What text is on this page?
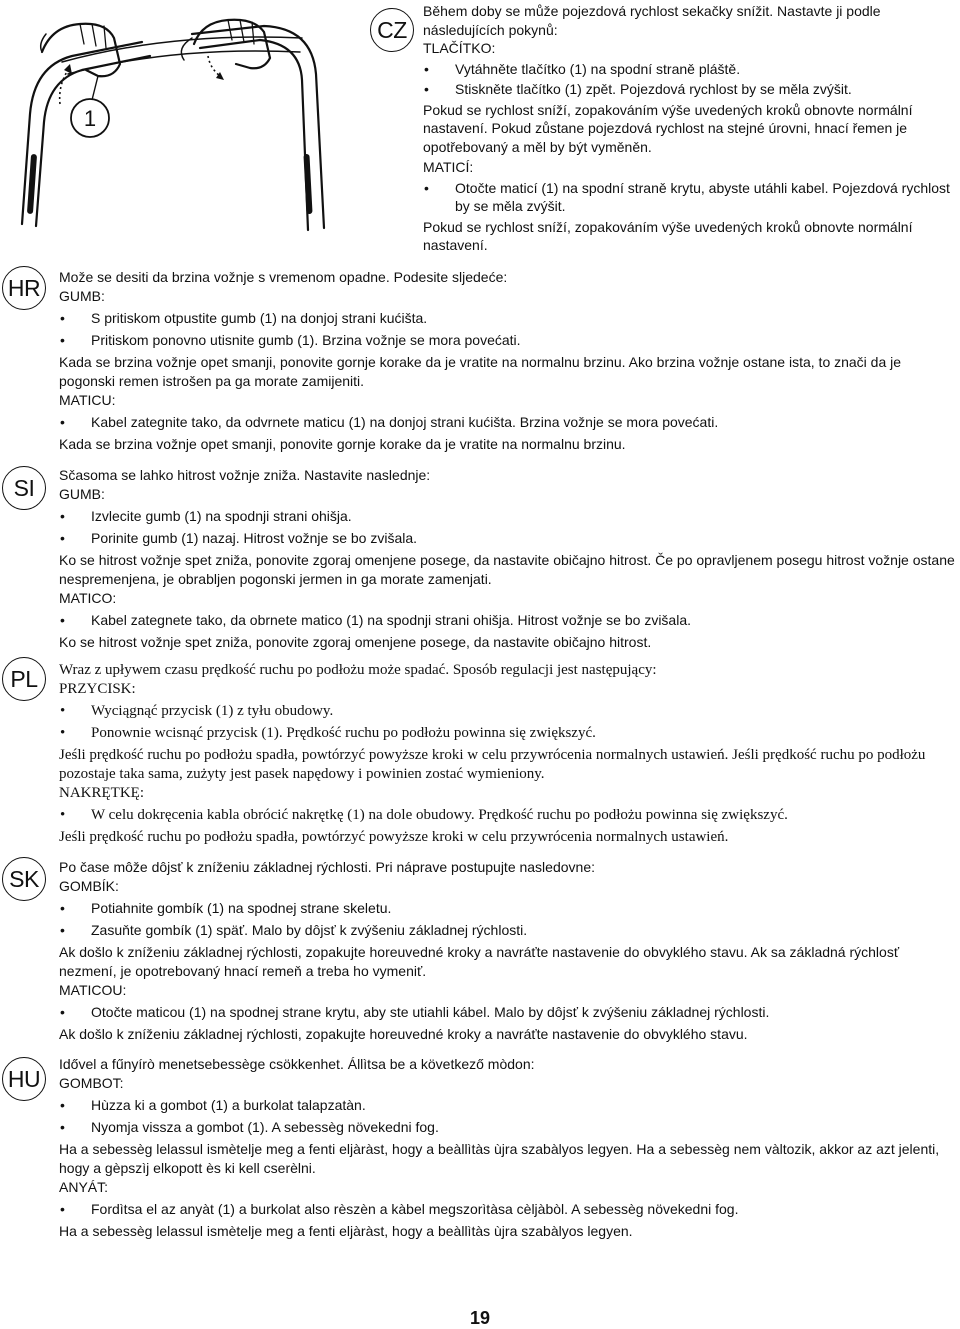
1
CZ

Během doby se může pojezdová rychlost sekačky snížit. Nastavte ji podle následujících pokynů:

TLAČÍTKO:

• Vytáhněte tlačítko (1) na spodní straně pláště.

• Stiskněte tlačítko (1) zpět. Pojezdová rychlost by se měla zvýšit.

Pokud se rychlost sníží, zopakováním výše uvedených kroků obnovte normální nastavení. Pokud zůstane pojezdová rychlost na stejné úrovni, hnací řemen je opotřebovaný a měl by být vyměněn.

MATICÍ:

• Otočte maticí (1) na spodní straně krytu, abyste utáhli kabel. Pojezdová rychlost by se měla zvýšit.

Pokud se rychlost sníží, zopakováním výše uvedených kroků obnovte normální nastavení.

HR Može se desiti da brzina vožnje s vremenom opadne. Podesite sljedeće:

GUMB:

• S pritiskom otpustite gumb (1) na donjoj strani kućišta.

• Pritiskom ponovno utisnite gumb (1). Brzina vožnje se mora povećati.

Kada se brzina vožnje opet smanji, ponovite gornje korake da je vratite na normalnu brzinu. Ako brzina vožnje ostane ista, to znači da je pogonski remen istrošen pa ga morate zamijeniti.

MATICU:

• Kabel zategnite tako, da odvrnete maticu (1) na donjoj strani kućišta. Brzina vožnje se mora povećati.

Kada se brzina vožnje opet smanji, ponovite gornje korake da je vratite na normalnu brzinu.

SI Sčasoma se lahko hitrost vožnje zniža. Nastavite naslednje:

GUMB:

• Izvlecite gumb (1) na spodnji strani ohišja.

• Porinite gumb (1) nazaj. Hitrost vožnje se bo zvišala.

Ko se hitrost vožnje spet zniža, ponovite zgoraj omenjene posege, da nastavite običajno hitrost. Če po opravljenem posegu hitrost vožnje ostane nespremenjena, je obrabljen pogonski jermen in ga morate zamenjati.

MATICO:

• Kabel zategnete tako, da obrnete matico (1) na spodnji strani ohišja. Hitrost vožnje se bo zvišala.

Ko se hitrost vožnje spet zniža, ponovite zgoraj omenjene posege, da nastavite običajno hitrost.

PL Wraz z upływem czasu prędkość ruchu po podłożu może spadać. Sposób regulacji jest następujący:

PRZYCISK:

• Wyciągnąć przycisk (1) z tyłu obudowy.

• Ponownie wcisnąć przycisk (1). Prędkość ruchu po podłożu powinna się zwiększyć.

Jeśli prędkość ruchu po podłożu spadła, powtórzyć powyższe kroki w celu przywrócenia normalnych ustawień. Jeśli prędkość ruchu po podłożu pozostaje taka sama, zużyty jest pasek napędowy i powinien zostać wymieniony.

NAKRĘTKĘ:

• W celu dokręcenia kabla obrócić nakrętkę (1) na dole obudowy. Prędkość ruchu po podłożu powinna się zwiększyć.

Jeśli prędkość ruchu po podłożu spadła, powtórzyć powyższe kroki w celu przywrócenia normalnych ustawień.

SK Po čase môže dôjsť k zníženiu základnej rýchlosti. Pri náprave postupujte nasledovne:

GOMBÍK:

• Potiahnite gombík (1) na spodnej strane skeletu.

• Zasuňte gombík (1) späť. Malo by dôjsť k zvýšeniu základnej rýchlosti.

Ak došlo k zníženiu základnej rýchlosti, zopakujte horeuvedné kroky a navráťte nastavenie do obvyklého stavu. Ak sa základná rýchlosť nezmení, je opotrebovaný hnací remeň a treba ho vymeniť.

MATICOU:

• Otočte maticou (1) na spodnej strane krytu, aby ste utiahli kábel. Malo by dôjsť k zvýšeniu základnej rýchlosti.

Ak došlo k zníženiu základnej rýchlosti, zopakujte horeuvedné kroky a navráťte nastavenie do obvyklého stavu.

HU

Idővel a fűnyírò menetsebessège csökkenhet. Állìtsa be a következő mòdon:

GOMBOT:

• Hùzza ki a gombot (1) a burkolat talapzatàn.

• Nyomja vissza a gombot (1). A sebessèg növekedni fog.

Ha a sebessèg lelassul ismètelje meg a fenti eljàràst, hogy a beàllìtàs ùjra szabàlyos legyen. Ha a sebessèg nem vàltozik, akkor az azt jelenti, hogy a gèpszìj elkopott ès ki kell cserèlni.

ANYÁT:

• Fordìtsa el az anyàt (1) a burkolat also rèszèn a kàbel megszorìtàsa cèljàbòl. A sebessèg növekedni fog.

Ha a sebessèg lelassul ismètelje meg a fenti eljàràst, hogy a beàllìtàs ùjra szabàlyos legyen.

19
